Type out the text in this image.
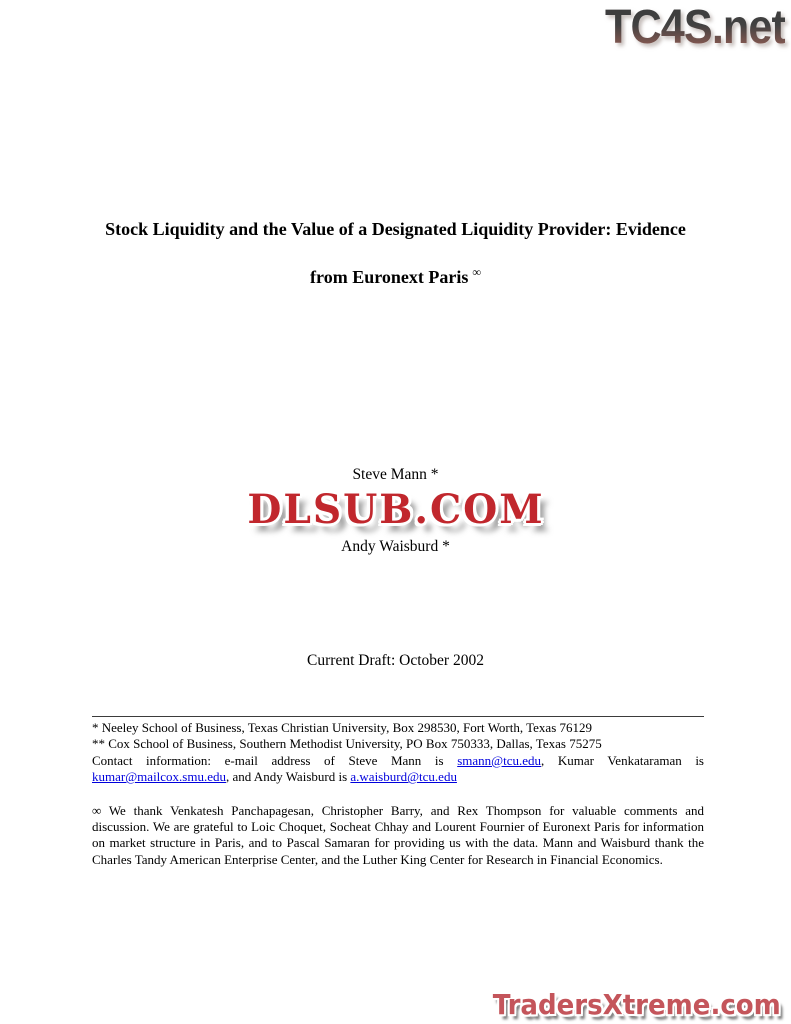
TC4S.net
Stock Liquidity and the Value of a Designated Liquidity Provider: Evidence
from Euronext Paris ∞
Steve Mann *
DLSUB.COM
Andy Waisburd *
Current Draft: October 2002
* Neeley School of Business, Texas Christian University, Box 298530, Fort Worth, Texas 76129
** Cox School of Business, Southern Methodist University, PO Box 750333, Dallas, Texas 75275

Contact information: e-mail address of Steve Mann is smann@tcu.edu, Kumar Venkataraman is kumar@mailcox.smu.edu, and Andy Waisburd is a.waisburd@tcu.edu

∞ We thank Venkatesh Panchapagesan, Christopher Barry, and Rex Thompson for valuable comments and discussion. We are grateful to Loic Choquet, Socheat Chhay and Lourent Fournier of Euronext Paris for information on market structure in Paris, and to Pascal Samaran for providing us with the data. Mann and Waisburd thank the Charles Tandy American Enterprise Center, and the Luther King Center for Research in Financial Economics.

TradersXtreme.com
